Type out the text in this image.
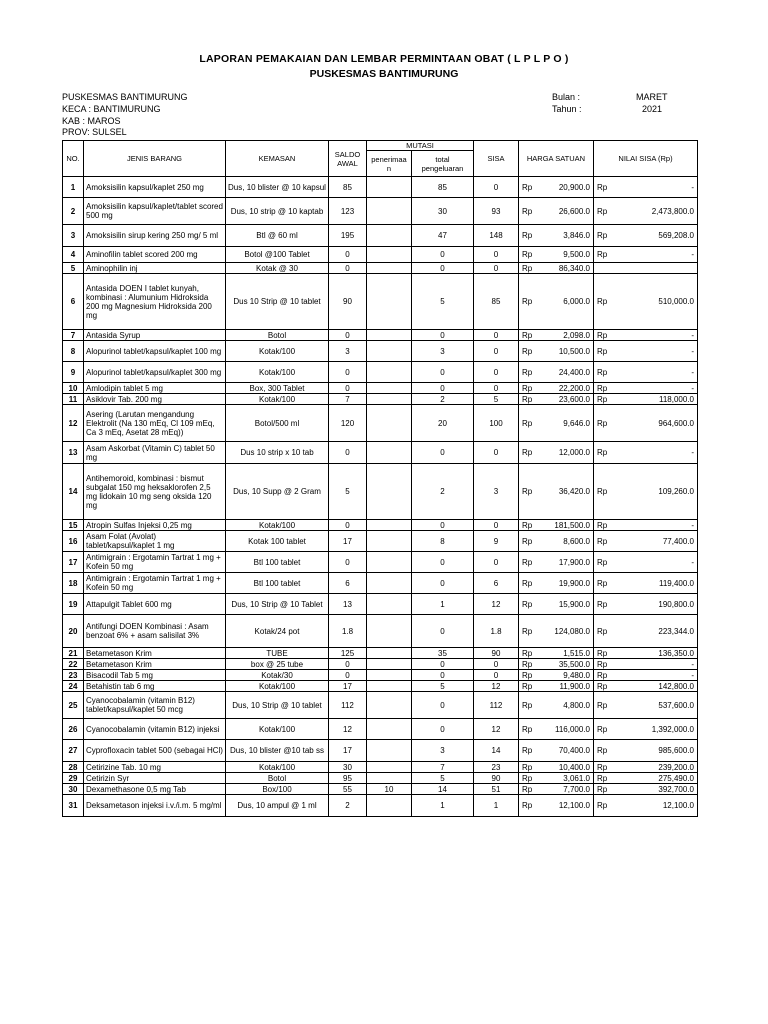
LAPORAN PEMAKAIAN DAN LEMBAR PERMINTAAN OBAT ( L P L P O )
PUSKESMAS BANTIMURUNG
PUSKESMAS BANTIMURUNG
KECA : BANTIMURUNG
KAB : MAROS
PROV: SULSEL
Bulan :	MARET
Tahun :	2021
NO.	JENIS BARANG	KEMASAN	SALDO AWAL	MUTASI		SISA	HARGA SATUAN		NILAI SISA (Rp)	
				penerimaa n	total pengeluaran					
1	Amoksisilin kapsul/kaplet 250 mg	Dus, 10 blister @ 10 kapsul	85		85	0	Rp	20,900.0	Rp	-
2	Amoksisilin kapsul/kaplet/tablet scored 500 mg	Dus, 10 strip @ 10 kaptab	123		30	93	Rp	26,600.0	Rp	2,473,800.0
3	Amoksisilin sirup kering 250 mg/ 5 ml	Btl @ 60 ml	195		47	148	Rp	3,846.0	Rp	569,208.0
4	Aminofilin tablet scored 200 mg	Botol @100 Tablet	0		0	0	Rp	9,500.0	Rp	-
5	Aminophilin inj	Kotak @ 30	0		0	0	Rp	86,340.0		
6	Antasida DOEN I tablet kunyah, kombinasi : Alumunium Hidroksida 200 mg Magnesium Hidroksida 200 mg	Dus 10 Strip @ 10 tablet	90		5	85	Rp	6,000.0	Rp	510,000.0
7	Antasida Syrup	Botol	0		0	0	Rp	2,098.0	Rp	-
8	Alopurinol tablet/kapsul/kaplet 100 mg	Kotak/100	3		3	0	Rp	10,500.0	Rp	-
9	Alopurinol tablet/kapsul/kaplet 300 mg	Kotak/100	0		0	0	Rp	24,400.0	Rp	-
10	Amlodipin tablet 5 mg	Box, 300 Tablet	0		0	0	Rp	22,200.0	Rp	-
11	Asiklovir Tab. 200 mg	Kotak/100	7		2	5	Rp	23,600.0	Rp	118,000.0
12	Asering (Larutan mengandung Elektrolit (Na 130 mEq, Cl 109 mEq, Ca 3 mEq, Asetat 28 mEq))	Botol/500 ml	120		20	100	Rp	9,646.0	Rp	964,600.0
13	Asam Askorbat (Vitamin C) tablet 50 mg	Dus 10 strip x 10 tab	0		0	0	Rp	12,000.0	Rp	-
14	Antihemoroid, kombinasi : bismut subgalat 150 mg heksaklorofen 2,5 mg lidokain 10 mg seng oksida 120 mg	Dus, 10 Supp @ 2 Gram	5		2	3	Rp	36,420.0	Rp	109,260.0
15	Atropin Sulfas Injeksi 0,25 mg	Kotak/100	0		0	0	Rp	181,500.0	Rp	-
16	Asam Folat (Avolat) tablet/kapsul/kaplet 1 mg	Kotak 100 tablet	17		8	9	Rp	8,600.0	Rp	77,400.0
17	Antimigrain : Ergotamin Tartrat 1 mg + Kofein 50 mg	Btl 100 tablet	0		0	0	Rp	17,900.0	Rp	-
18	Antimigrain : Ergotamin Tartrat 1 mg + Kofein 50 mg	Btl 100 tablet	6		0	6	Rp	19,900.0	Rp	119,400.0
19	Attapulgit Tablet 600 mg	Dus, 10 Strip @ 10 Tablet	13		1	12	Rp	15,900.0	Rp	190,800.0
20	Antifungi DOEN Kombinasi : Asam benzoat 6% + asam salisilat 3%	Kotak/24 pot	1.8		0	1.8	Rp	124,080.0	Rp	223,344.0
21	Betametason Krim	TUBE	125		35	90	Rp	1,515.0	Rp	136,350.0
22	Betametason Krim	box @ 25 tube	0		0	0	Rp	35,500.0	Rp	-
23	Bisacodil Tab 5 mg	Kotak/30	0		0	0	Rp	9,480.0	Rp	-
24	Betahistin tab 6 mg	Kotak/100	17		5	12	Rp	11,900.0	Rp	142,800.0
25	Cyanocobalamin (vitamin B12) tablet/kapsul/kaplet 50 mcg	Dus, 10 Strip @ 10 tablet	112		0	112	Rp	4,800.0	Rp	537,600.0
26	Cyanocobalamin (vitamin B12) injeksi	Kotak/100	12		0	12	Rp	116,000.0	Rp	1,392,000.0
27	Cyprofloxacin tablet 500 (sebagai HCl)	Dus, 10 blister @10 tab ss	17		3	14	Rp	70,400.0	Rp	985,600.0
28	Cetirizine Tab. 10 mg	Kotak/100	30		7	23	Rp	10,400.0	Rp	239,200.0
29	Cetirizin Syr	Botol	95		5	90	Rp	3,061.0	Rp	275,490.0
30	Dexamethasone 0,5 mg Tab	Box/100	55	10	14	51	Rp	7,700.0	Rp	392,700.0
31	Deksametason injeksi i.v./i.m. 5 mg/ml	Dus, 10 ampul @ 1 ml	2		1	1	Rp	12,100.0	Rp	12,100.0
